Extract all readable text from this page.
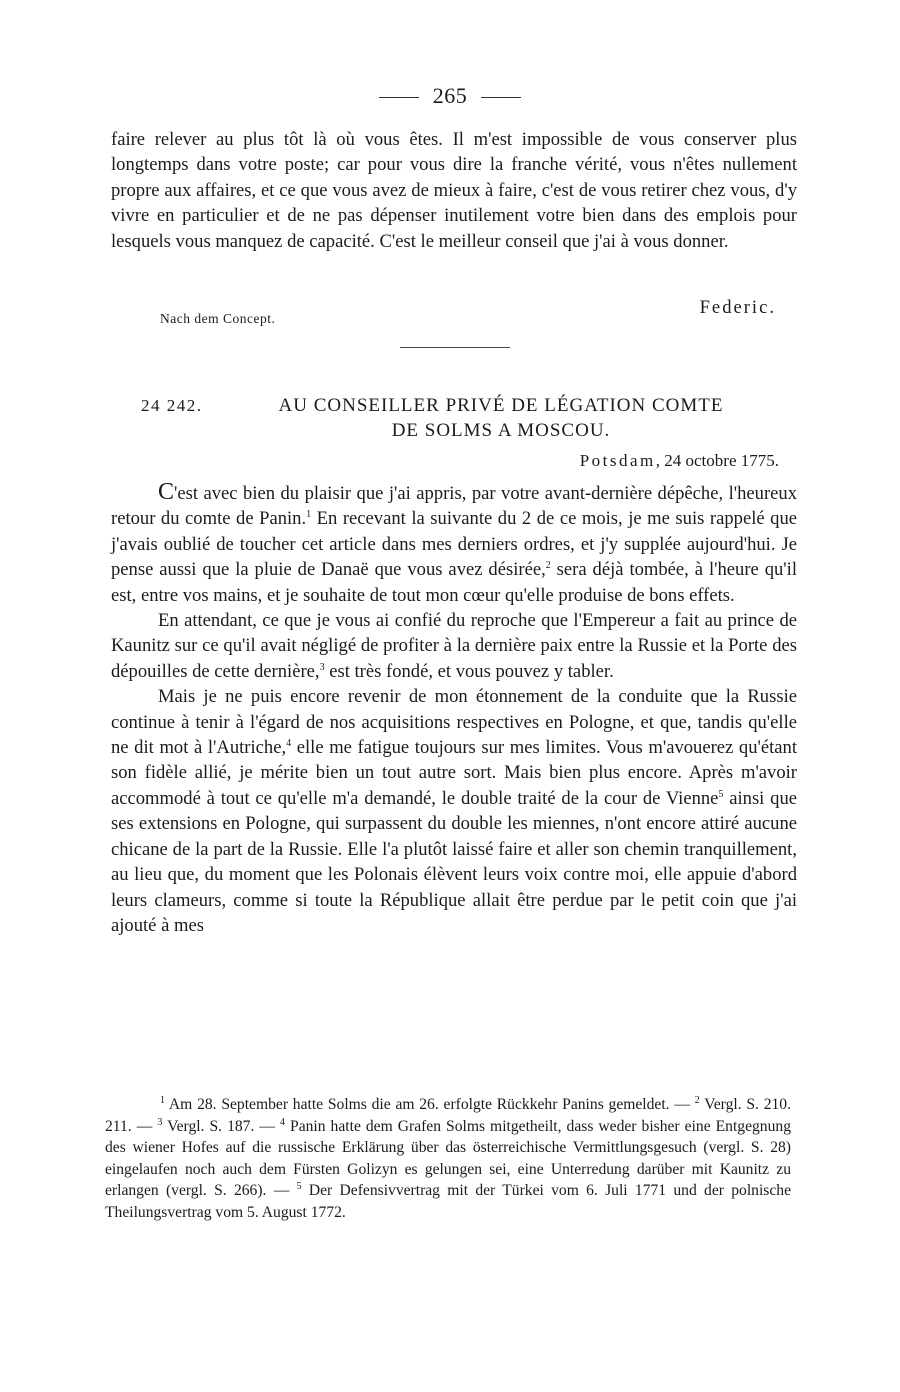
265

faire relever au plus tôt là où vous êtes. Il m'est impossible de vous conserver plus longtemps dans votre poste; car pour vous dire la franche vérité, vous n'êtes nullement propre aux affaires, et ce que vous avez de mieux à faire, c'est de vous retirer chez vous, d'y vivre en particulier et de ne pas dépenser inutilement votre bien dans des emplois pour lesquels vous manquez de capacité. C'est le meilleur conseil que j'ai à vous donner.

Federic.
Nach dem Concept.
24 242.	AU CONSEILLER PRIVÉ DE LÉGATION COMTE
DE SOLMS A MOSCOU.
Potsdam, 24 octobre 1775.

C'est avec bien du plaisir que j'ai appris, par votre avant-dernière dépêche, l'heureux retour du comte de Panin.$^1$ En recevant la suivante du 2 de ce mois, je me suis rappelé que j'avais oublié de toucher cet article dans mes derniers ordres, et j'y supplée aujourd'hui. Je pense aussi que la pluie de Danaë que vous avez désirée,$^2$ sera déjà tombée, à l'heure qu'il est, entre vos mains, et je souhaite de tout mon cœur qu'elle produise de bons effets.

En attendant, ce que je vous ai confié du reproche que l'Empereur a fait au prince de Kaunitz sur ce qu'il avait négligé de profiter à la dernière paix entre la Russie et la Porte des dépouilles de cette dernière,$^3$ est très fondé, et vous pouvez y tabler.

Mais je ne puis encore revenir de mon étonnement de la conduite que la Russie continue à tenir à l'égard de nos acquisitions respectives en Pologne, et que, tandis qu'elle ne dit mot à l'Autriche,$^4$ elle me fatigue toujours sur mes limites. Vous m'avouerez qu'étant son fidèle allié, je mérite bien un tout autre sort. Mais bien plus encore. Après m'avoir accommodé à tout ce qu'elle m'a demandé, le double traité de la cour de Vienne$^5$ ainsi que ses extensions en Pologne, qui surpassent du double les miennes, n'ont encore attiré aucune chicane de la part de la Russie. Elle l'a plutôt laissé faire et aller son chemin tranquillement, au lieu que, du moment que les Polonais élèvent leurs voix contre moi, elle appuie d'abord leurs clameurs, comme si toute la République allait être perdue par le petit coin que j'ai ajouté à mes

$^1$ Am 28. September hatte Solms die am 26. erfolgte Rückkehr Panins gemeldet. — $^2$ Vergl. S. 210. 211. — $^3$ Vergl. S. 187. — $^4$ Panin hatte dem Grafen Solms mitgetheilt, dass weder bisher eine Entgegnung des wiener Hofes auf die russische Erklärung über das österreichische Vermittlungsgesuch (vergl. S. 28) eingelaufen noch auch dem Fürsten Golizyn es gelungen sei, eine Unterredung darüber mit Kaunitz zu erlangen (vergl. S. 266). — $^5$ Der Defensivvertrag mit der Türkei vom 6. Juli 1771 und der polnische Theilungsvertrag vom 5. August 1772.
